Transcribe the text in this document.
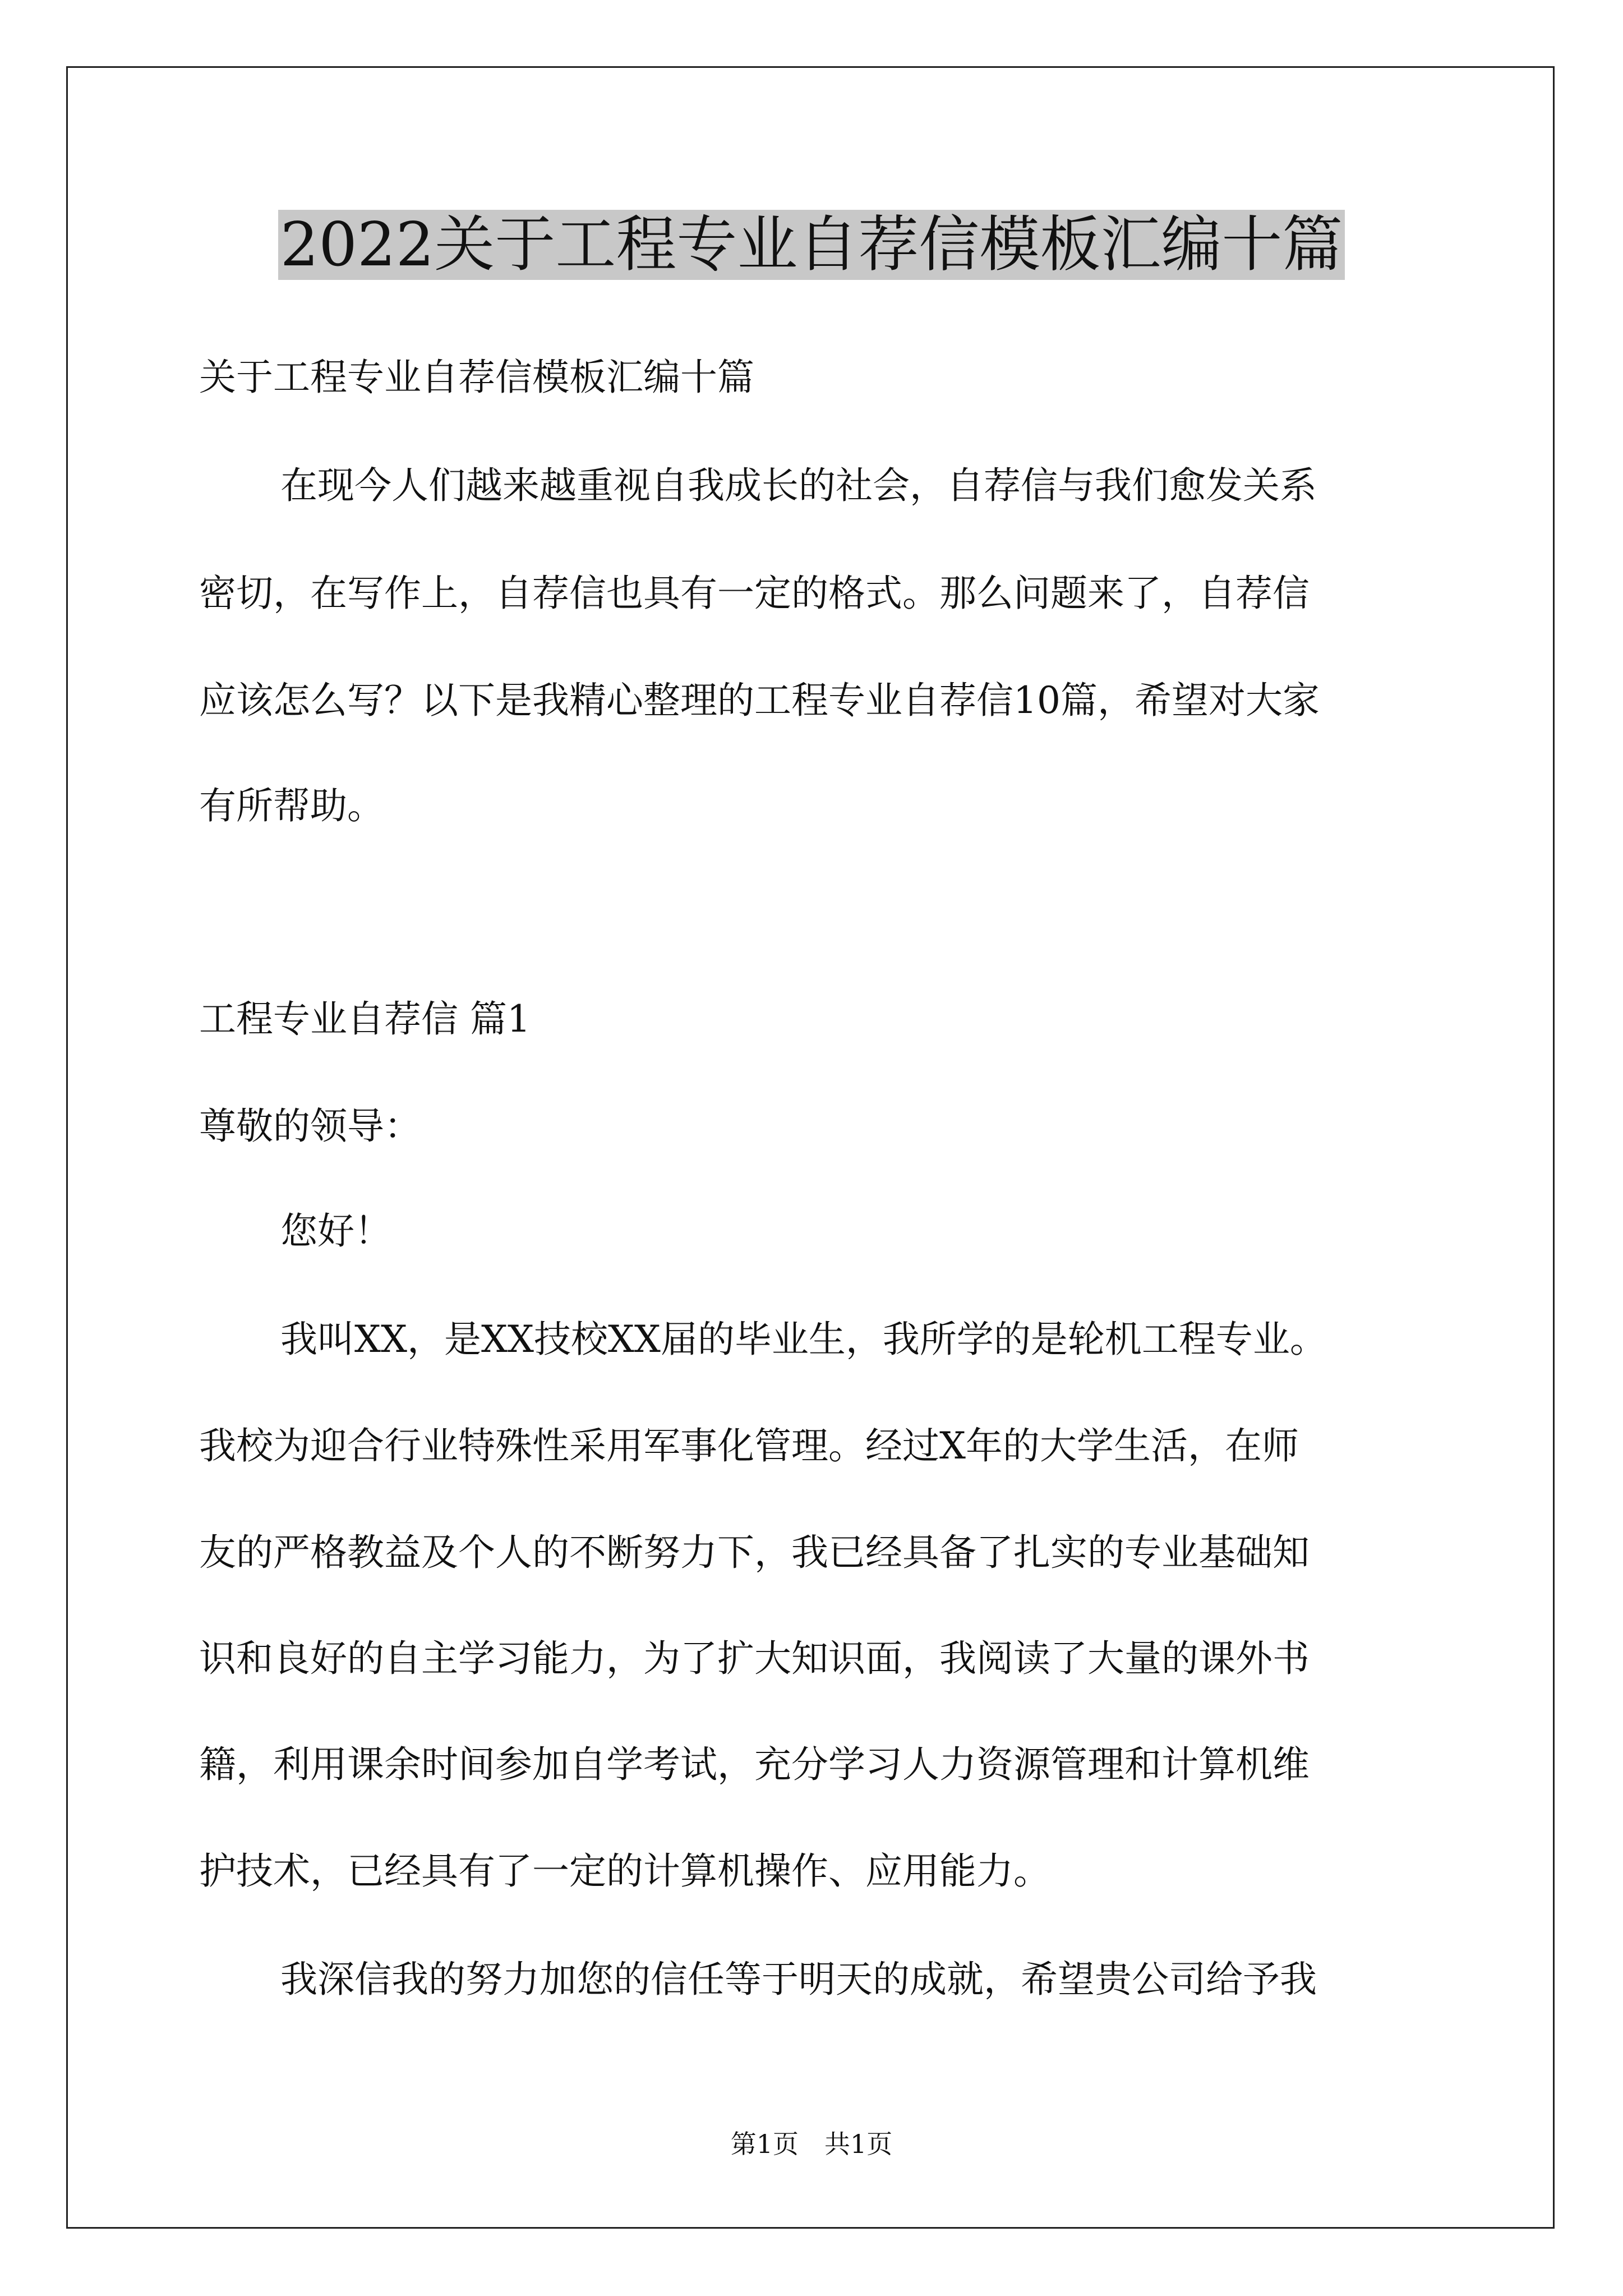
2022关于工程专业自荐信模板汇编十篇
关于工程专业自荐信模板汇编十篇
在现今人们越来越重视自我成长的社会，自荐信与我们愈发关系
密切，在写作上，自荐信也具有一定的格式。那么问题来了，自荐信
应该怎么写？以下是我精心整理的工程专业自荐信10篇，希望对大家
有所帮助。
工程专业自荐信 篇1
尊敬的领导：
您好！
我叫XX，是XX技校XX届的毕业生，我所学的是轮机工程专业。
我校为迎合行业特殊性采用军事化管理。经过X年的大学生活，在师
友的严格教益及个人的不断努力下，我已经具备了扎实的专业基础知
识和良好的自主学习能力，为了扩大知识面，我阅读了大量的课外书
籍，利用课余时间参加自学考试，充分学习人力资源管理和计算机维
护技术，已经具有了一定的计算机操作、应用能力。
我深信我的努力加您的信任等于明天的成就，希望贵公司给予我
第1页　共1页
